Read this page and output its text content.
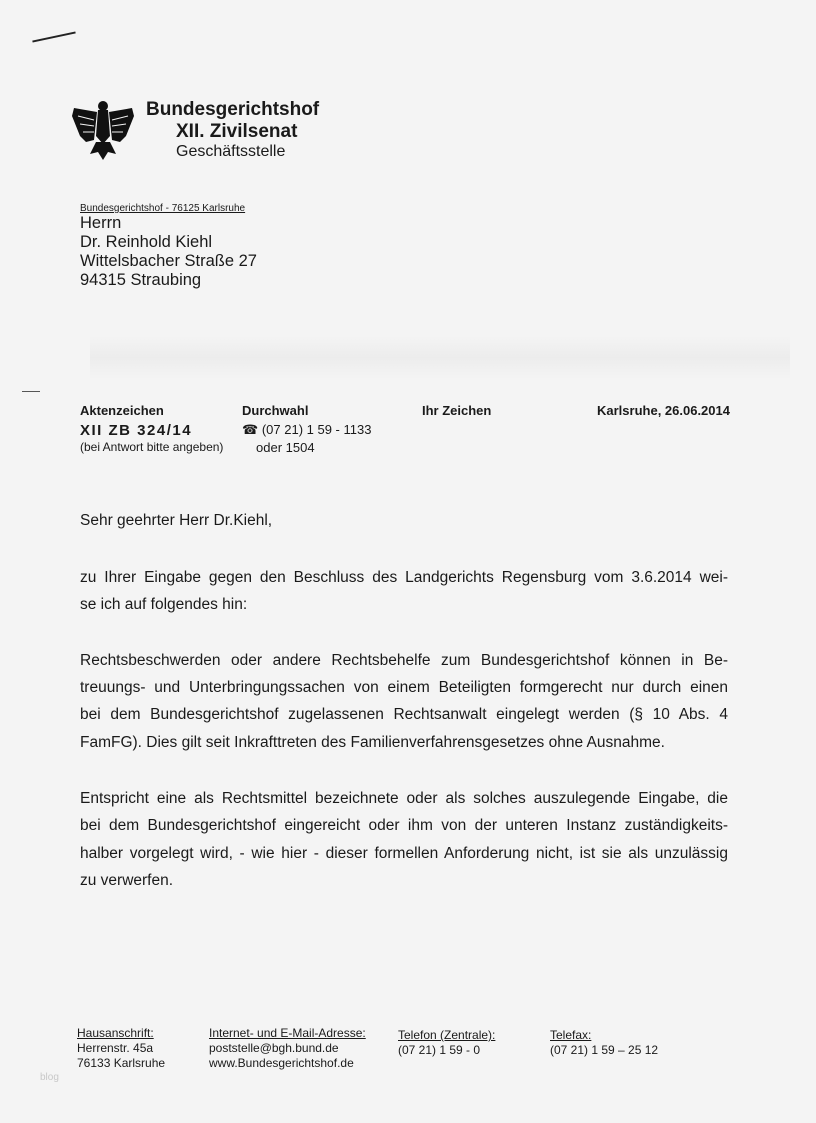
Bundesgerichtshof
XII. Zivilsenat
Geschäftsstelle
Bundesgerichtshof - 76125 Karlsruhe
Herrn
Dr. Reinhold Kiehl
Wittelsbacher Straße 27
94315 Straubing
Aktenzeichen
XII ZB 324/14
(bei Antwort bitte angeben)
Durchwahl
☎ (07 21) 1 59 - 1133
oder 1504
Ihr Zeichen	Karlsruhe, 26.06.2014
Sehr geehrter Herr Dr.Kiehl,
zu Ihrer Eingabe gegen den Beschluss des Landgerichts Regensburg vom 3.6.2014 wei-
se ich auf folgendes hin:
Rechtsbeschwerden oder andere Rechtsbehelfe zum Bundesgerichtshof können in Be-
treuungs- und Unterbringungssachen von einem Beteiligten formgerecht nur durch einen
bei dem Bundesgerichtshof zugelassenen Rechtsanwalt eingelegt werden (§ 10 Abs. 4
FamFG). Dies gilt seit Inkrafttreten des Familienverfahrensgesetzes ohne Ausnahme.
Entspricht eine als Rechtsmittel bezeichnete oder als solches auszulegende Eingabe, die
bei dem Bundesgerichtshof eingereicht oder ihm von der unteren Instanz zuständigkeits-
halber vorgelegt wird, - wie hier - dieser formellen Anforderung nicht, ist sie als unzulässig
zu verwerfen.
Hausanschrift:
Herrenstr. 45a
76133 Karlsruhe
Internet- und E-Mail-Adresse:
poststelle@bgh.bund.de
www.Bundesgerichtshof.de
Telefon (Zentrale):
(07 21) 1 59 - 0
Telefax:
(07 21) 1 59 – 25 12
blog
